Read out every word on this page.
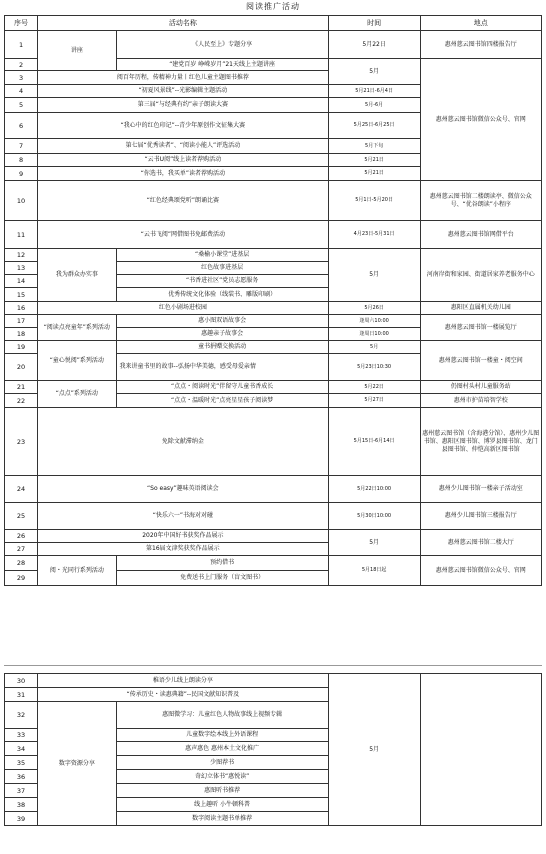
阅读推广活动
序号	活动名称		时间	地点
1	讲座	《人民至上》专题分享	5月22日	惠州慈云图书馆四楼报告厅
2		“建党百岁 峥嵘岁月”21天线上主题讲座	5月	惠州慈云图书馆微信公众号、官网
3	阅百年历程，传精神力量丨红色儿童主题图书推荐			
4	“初夏风景线”--光影编辑主题活动		5月21日-6月4日	
5	第三届“与经典有约”亲子朗读大赛		5月-6月	
6	“我心中的红色印记”--青少年原创作文征集大赛		5月25日-6月25日	
7	第七届“优秀读者”、“阅读小能人”评选活动		5月下旬	
8	“云书U阅”线上读者荐购活动		5月21日	
9	“你选书，我买单”读者荐购活动		5月21日	
10	“红色经典颂党听”朗诵比赛		5月1日-5月20日	惠州慈云图书馆二楼朗读亭、微信公众号、“优谷朗读”小程序
11	“云书飞阅”网借图书免邮费活动		4月23日-5月31日	惠州慈云图书馆网借平台
12	我为群众办实事	“桑榆小课堂”进基层	5月	河南岸街和家园、街道居家养老服务中心
13		红色故事进基层		
14		“书香进社区”党员志愿服务		
15		优秀传统文化体验（线装书、雕版印刷）		
16	红色小剧场进校园		5月26日	惠阳区直属机关幼儿园
17	“阅读点亮童年”系列活动	惠小图双语故事会	逢周六10:00	惠州慈云图书馆一楼展览厅
18		惠趣亲子故事会	逢周日10:00	
19	“童心悦阅”系列活动	童书捐赠交换活动	5月	惠州慈云图书馆一楼童・阅空间
20		我来讲童书里的故事--弘扬中华美德，感受母爱亲情	5月23日10:30	
21	“点点”系列活动	“点点・阅读时光”伴留守儿童书香成长	5月22日	仍图村头村儿童服务站
22		“点点・温暖时光”点亮星星孩子阅读梦	5月27日	惠州市护苗培智学校
23	免除文献滞纳金		5月15日-6月14日	惠州慈云图书馆（含海港分馆）、惠州少儿图书馆、惠阳区图书馆、博罗县图书馆、龙门县图书馆、仲恺高新区图书馆
24	“So easy”趣味英语阅读会		5月22日10:00	惠州少儿图书馆一楼亲子活动室
25	“快乐六一”书海对对碰		5月30日10:00	惠州少儿图书馆三楼报告厅
26	2020年中国好书获奖作品展示		5月	惠州慈云图书馆二楼大厅
27	第16届文津奖获奖作品展示			
28	阅・光同行系列活动	预约借书	5月18日起	惠州慈云图书馆微信公众号、官网
29		免费送书上门服务（盲文图书）		
30	稚语少儿线上朗读分享		5月	
31	“传承历史・读惠典籍”--民国文献知识普及			
32	数字资源分享	惠图微学习：儿童红色人物故事线上视频专辑		
33		儿童数字绘本线上外语课程		
34		惠声惠色 惠州本土文化推广		
35		少图荐书		
36		奇幻立体书“惠悦读”		
37		惠图听书推荐		
38		线上趣听 小牛顿科普		
39		数字阅读主题书单推荐		
